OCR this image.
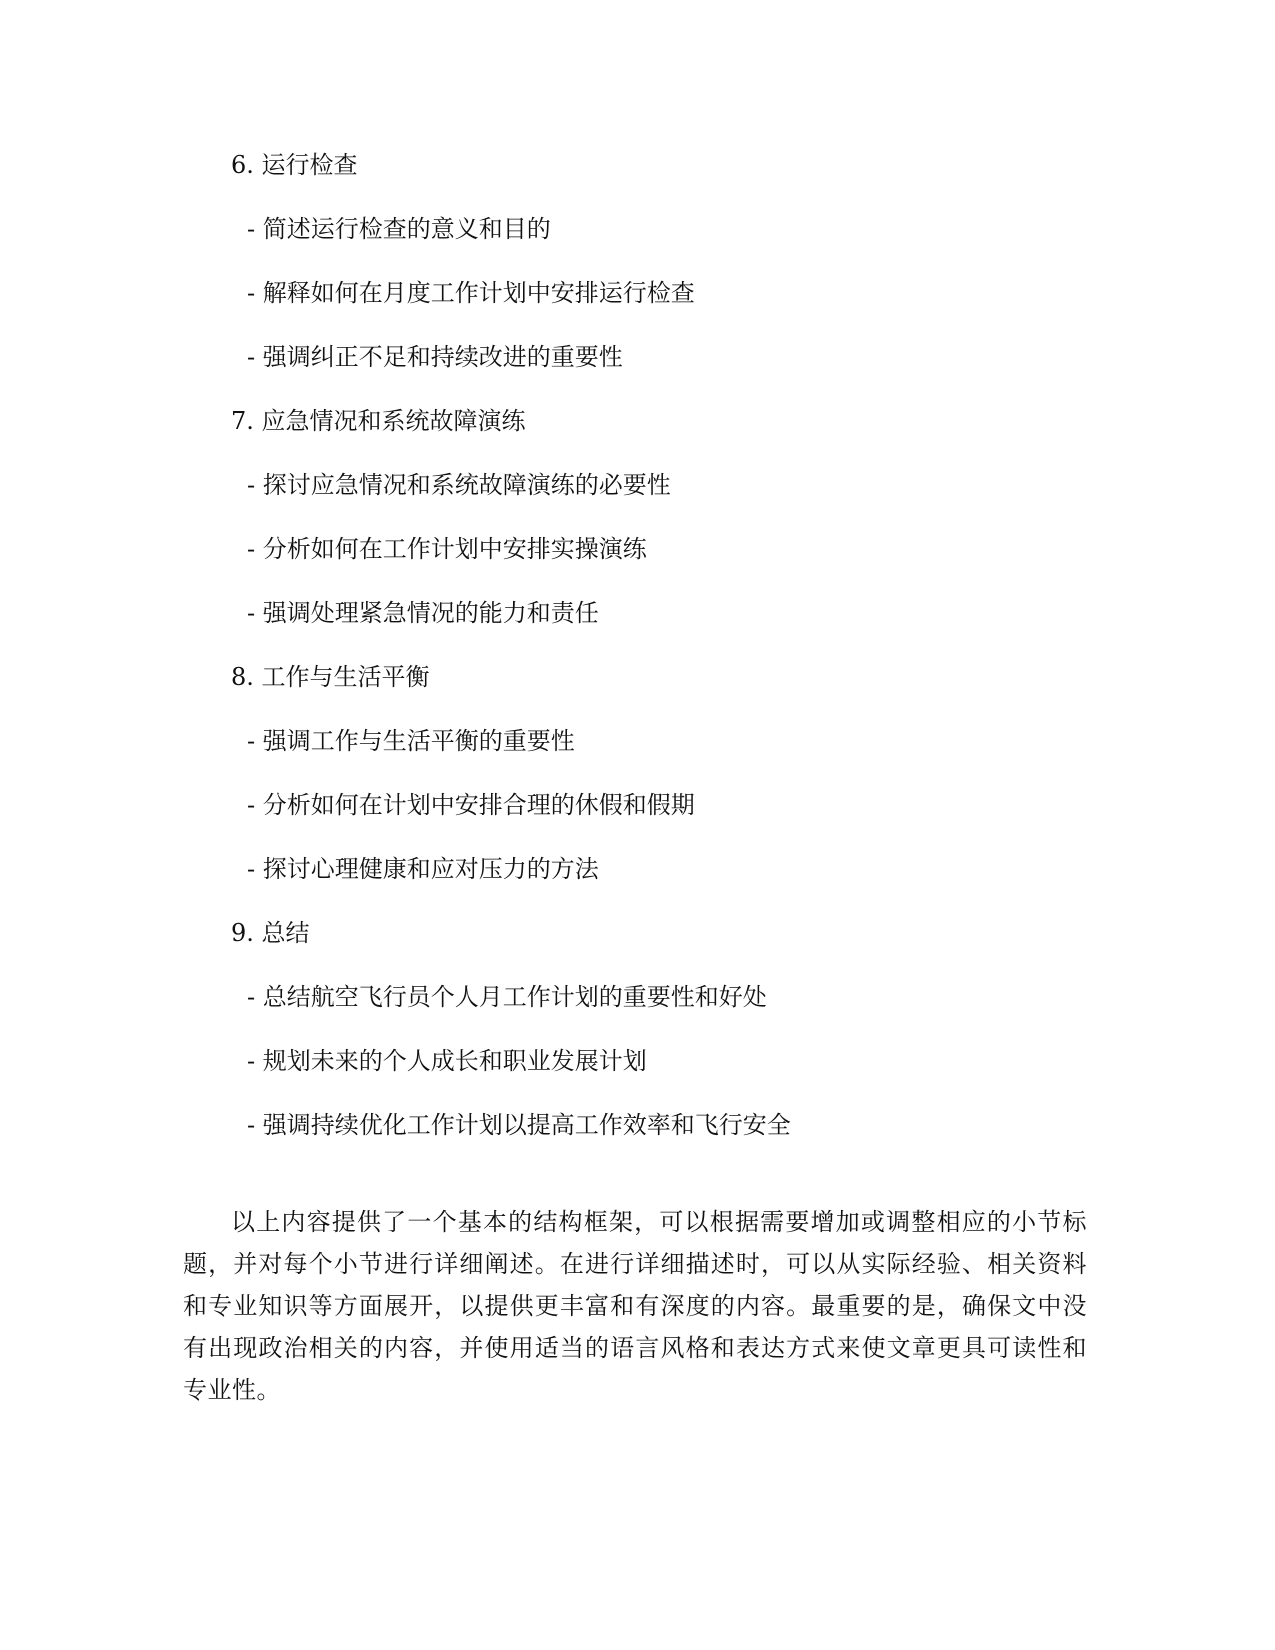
6. 运行检查
- 简述运行检查的意义和目的
- 解释如何在月度工作计划中安排运行检查
- 强调纠正不足和持续改进的重要性
7. 应急情况和系统故障演练
- 探讨应急情况和系统故障演练的必要性
- 分析如何在工作计划中安排实操演练
- 强调处理紧急情况的能力和责任
8. 工作与生活平衡
- 强调工作与生活平衡的重要性
- 分析如何在计划中安排合理的休假和假期
- 探讨心理健康和应对压力的方法
9. 总结
- 总结航空飞行员个人月工作计划的重要性和好处
- 规划未来的个人成长和职业发展计划
- 强调持续优化工作计划以提高工作效率和飞行安全

以上内容提供了一个基本的结构框架，可以根据需要增加或调整相应的小节标题，并对每个小节进行详细阐述。在进行详细描述时，可以从实际经验、相关资料和专业知识等方面展开，以提供更丰富和有深度的内容。最重要的是，确保文中没有出现政治相关的内容，并使用适当的语言风格和表达方式来使文章更具可读性和专业性。
